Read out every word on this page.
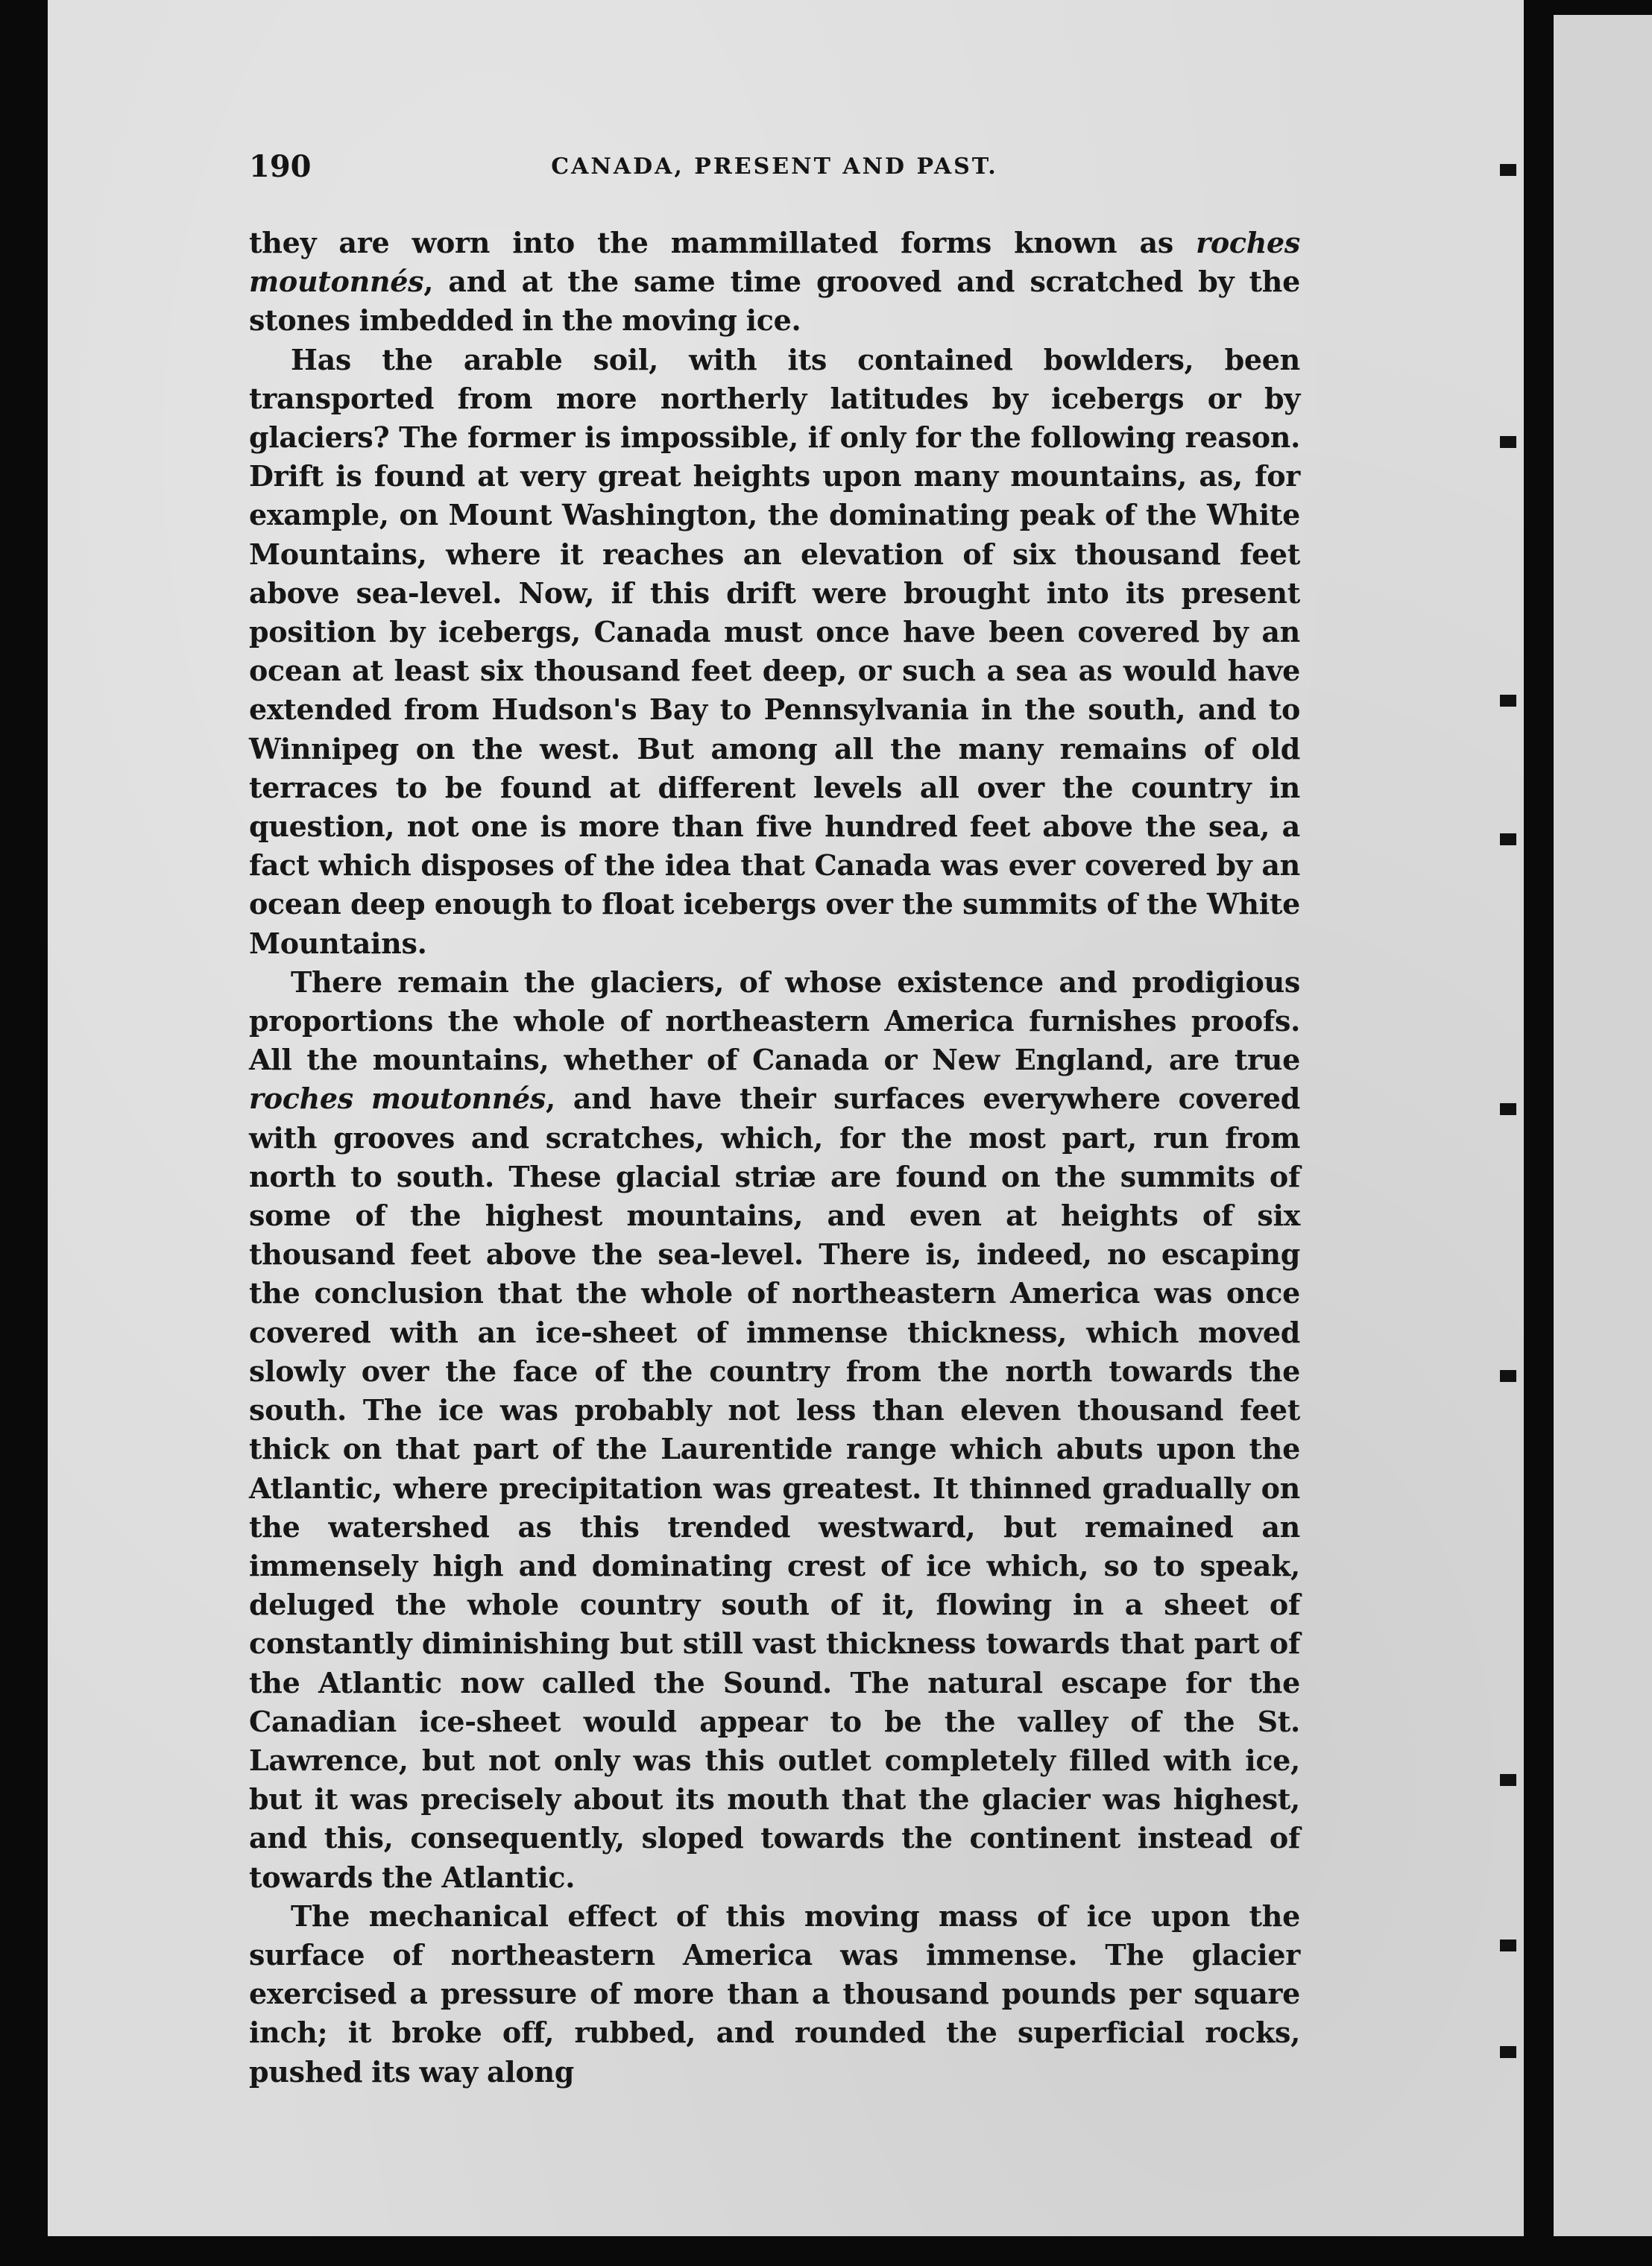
190	CANADA, PRESENT AND PAST.

they are worn into the mammillated forms known as roches moutonnés, and at the same time grooved and scratched by the stones imbedded in the moving ice.

Has the arable soil, with its contained bowlders, been transported from more northerly latitudes by icebergs or by glaciers? The former is impossible, if only for the following reason. Drift is found at very great heights upon many mountains, as, for example, on Mount Washington, the dominating peak of the White Mountains, where it reaches an elevation of six thousand feet above sea-level. Now, if this drift were brought into its present position by icebergs, Canada must once have been covered by an ocean at least six thousand feet deep, or such a sea as would have extended from Hudson's Bay to Pennsylvania in the south, and to Winnipeg on the west. But among all the many remains of old terraces to be found at different levels all over the country in question, not one is more than five hundred feet above the sea, a fact which disposes of the idea that Canada was ever covered by an ocean deep enough to float icebergs over the summits of the White Mountains.

There remain the glaciers, of whose existence and prodigious proportions the whole of northeastern America furnishes proofs. All the mountains, whether of Canada or New England, are true roches moutonnés, and have their surfaces everywhere covered with grooves and scratches, which, for the most part, run from north to south. These glacial striæ are found on the summits of some of the highest mountains, and even at heights of six thousand feet above the sea-level. There is, indeed, no escaping the conclusion that the whole of northeastern America was once covered with an ice-sheet of immense thickness, which moved slowly over the face of the country from the north towards the south. The ice was probably not less than eleven thousand feet thick on that part of the Laurentide range which abuts upon the Atlantic, where precipitation was greatest. It thinned gradually on the watershed as this trended westward, but remained an immensely high and dominating crest of ice which, so to speak, deluged the whole country south of it, flowing in a sheet of constantly diminishing but still vast thickness towards that part of the Atlantic now called the Sound. The natural escape for the Canadian ice-sheet would appear to be the valley of the St. Lawrence, but not only was this outlet completely filled with ice, but it was precisely about its mouth that the glacier was highest, and this, consequently, sloped towards the continent instead of towards the Atlantic.

The mechanical effect of this moving mass of ice upon the surface of northeastern America was immense. The glacier exercised a pressure of more than a thousand pounds per square inch; it broke off, rubbed, and rounded the superficial rocks, pushed its way along
